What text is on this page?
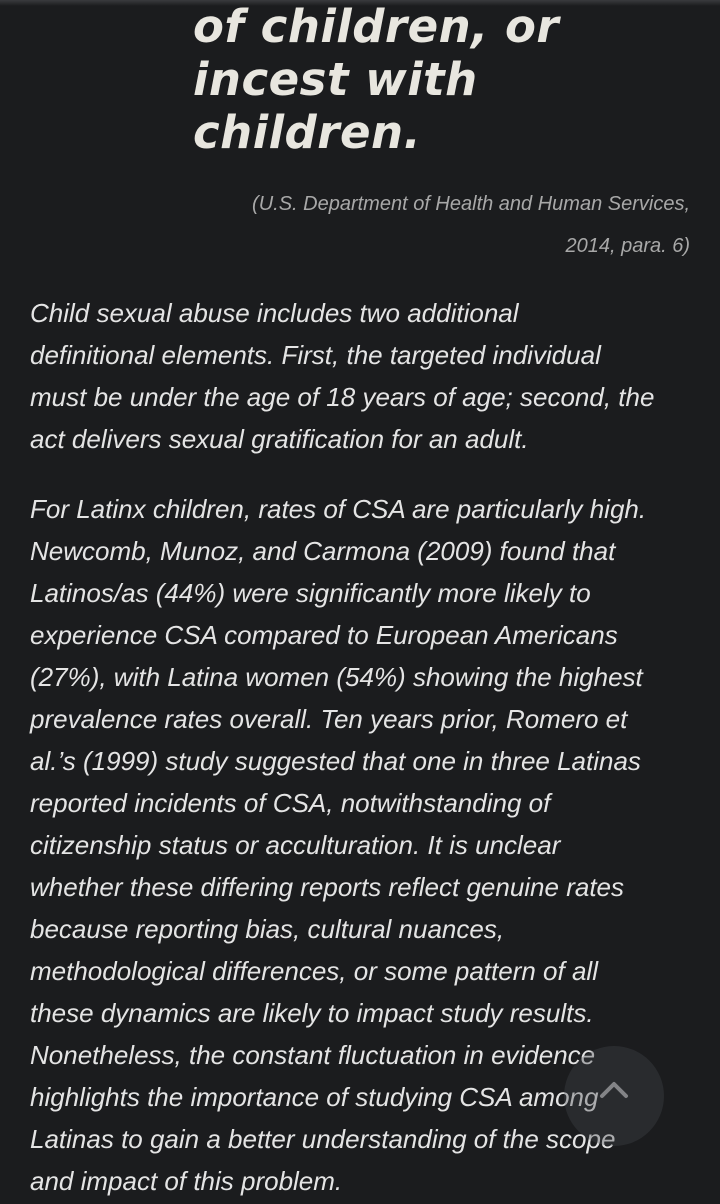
of children, or
incest with
children.
(U.S. Department of Health and Human Services,
2014, para. 6)
Child sexual abuse includes two additional
definitional elements. First, the targeted individual
must be under the age of 18 years of age; second, the
act delivers sexual gratification for an adult.
For Latinx children, rates of CSA are particularly high.
Newcomb, Munoz, and Carmona (2009) found that
Latinos/as (44%) were significantly more likely to
experience CSA compared to European Americans
(27%), with Latina women (54%) showing the highest
prevalence rates overall. Ten years prior, Romero et
al.’s (1999) study suggested that one in three Latinas
reported incidents of CSA, notwithstanding of
citizenship status or acculturation. It is unclear
whether these differing reports reflect genuine rates
because reporting bias, cultural nuances,
methodological differences, or some pattern of all
these dynamics are likely to impact study results.
Nonetheless, the constant fluctuation in evidence
highlights the importance of studying CSA among
Latinas to gain a better understanding of the scope
and impact of this problem.
